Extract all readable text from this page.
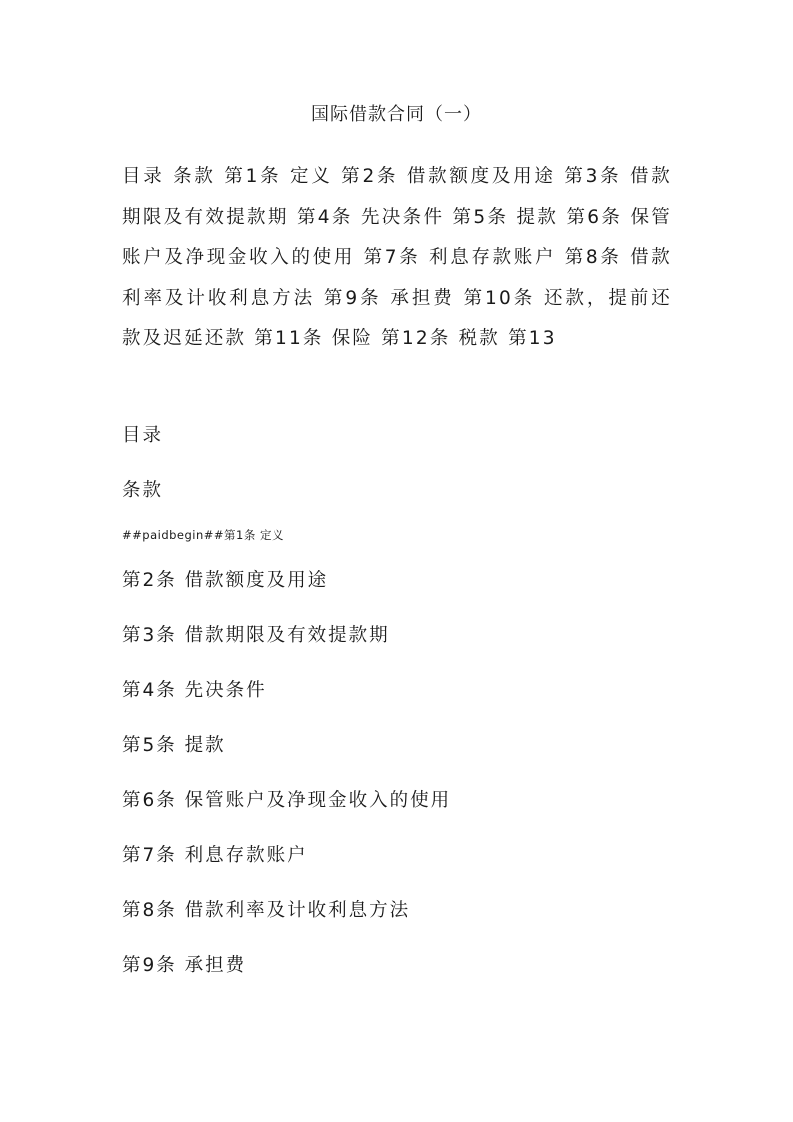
国际借款合同（一）
目录 条款 第1条 定义 第2条 借款额度及用途 第3条 借款期限及有效提款期 第4条 先决条件 第5条 提款 第6条 保管账户及净现金收入的使用 第7条 利息存款账户 第8条 借款利率及计收利息方法 第9条 承担费 第10条 还款，提前还款及迟延还款 第11条 保险 第12条 税款 第13
目录
条款
##paidbegin##第1条 定义
第2条 借款额度及用途
第3条 借款期限及有效提款期
第4条 先决条件
第5条 提款
第6条 保管账户及净现金收入的使用
第7条 利息存款账户
第8条 借款利率及计收利息方法
第9条 承担费
